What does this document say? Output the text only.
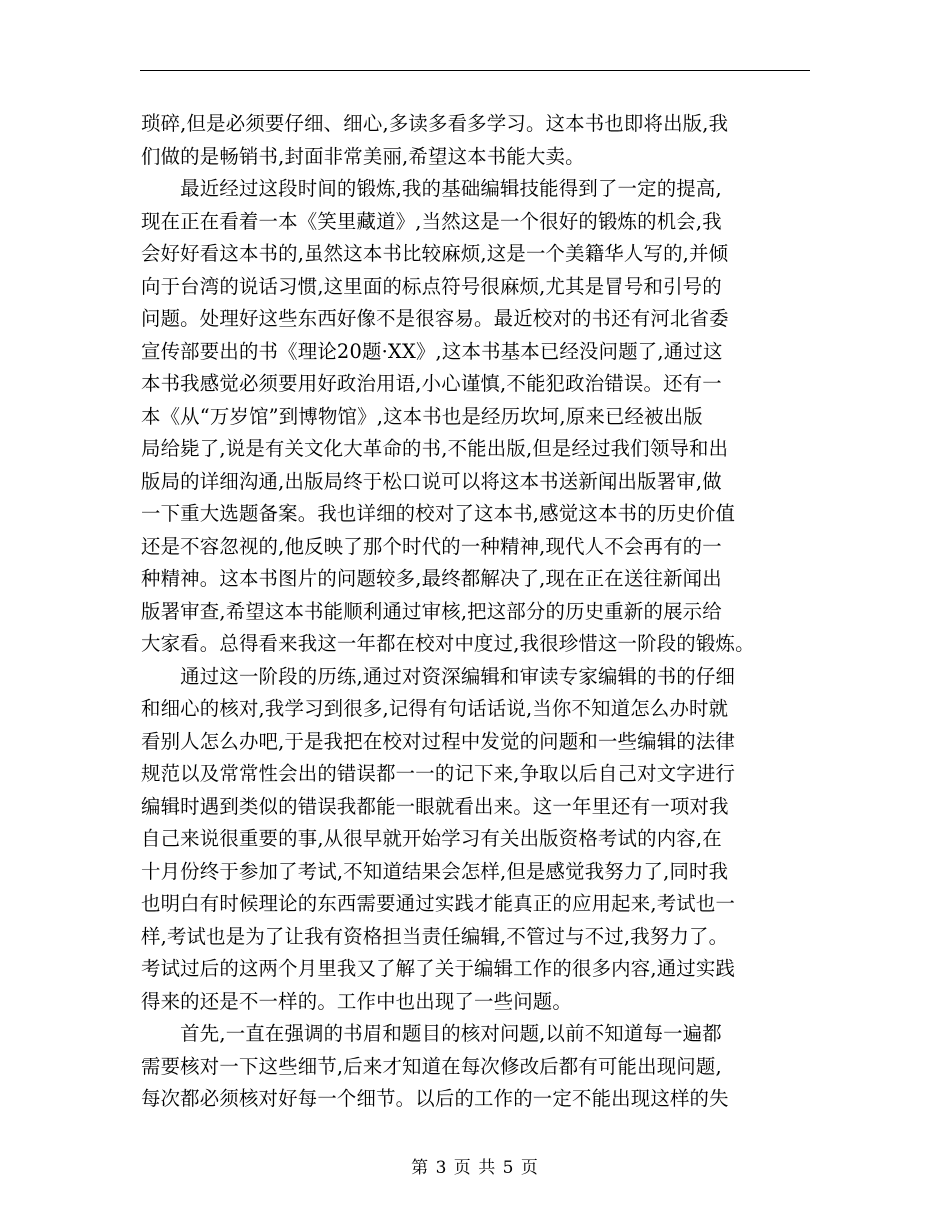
琐碎,但是必须要仔细、细心,多读多看多学习。这本书也即将出版,我
们做的是畅销书,封面非常美丽,希望这本书能大卖。
　　最近经过这段时间的锻炼,我的基础编辑技能得到了一定的提高,
现在正在看着一本《笑里藏道》,当然这是一个很好的锻炼的机会,我
会好好看这本书的,虽然这本书比较麻烦,这是一个美籍华人写的,并倾
向于台湾的说话习惯,这里面的标点符号很麻烦,尤其是冒号和引号的
问题。处理好这些东西好像不是很容易。最近校对的书还有河北省委
宣传部要出的书《理论20题·XX》,这本书基本已经没问题了,通过这
本书我感觉必须要用好政治用语,小心谨慎,不能犯政治错误。还有一
本《从“万岁馆”到博物馆》,这本书也是经历坎坷,原来已经被出版
局给毙了,说是有关文化大革命的书,不能出版,但是经过我们领导和出
版局的详细沟通,出版局终于松口说可以将这本书送新闻出版署审,做
一下重大选题备案。我也详细的校对了这本书,感觉这本书的历史价值
还是不容忽视的,他反映了那个时代的一种精神,现代人不会再有的一
种精神。这本书图片的问题较多,最终都解决了,现在正在送往新闻出
版署审查,希望这本书能顺利通过审核,把这部分的历史重新的展示给
大家看。总得看来我这一年都在校对中度过,我很珍惜这一阶段的锻炼。
　　通过这一阶段的历练,通过对资深编辑和审读专家编辑的书的仔细
和细心的核对,我学习到很多,记得有句话话说,当你不知道怎么办时就
看别人怎么办吧,于是我把在校对过程中发觉的问题和一些编辑的法律
规范以及常常性会出的错误都一一的记下来,争取以后自己对文字进行
编辑时遇到类似的错误我都能一眼就看出来。这一年里还有一项对我
自己来说很重要的事,从很早就开始学习有关出版资格考试的内容,在
十月份终于参加了考试,不知道结果会怎样,但是感觉我努力了,同时我
也明白有时候理论的东西需要通过实践才能真正的应用起来,考试也一
样,考试也是为了让我有资格担当责任编辑,不管过与不过,我努力了。
考试过后的这两个月里我又了解了关于编辑工作的很多内容,通过实践
得来的还是不一样的。工作中也出现了一些问题。
　　首先,一直在强调的书眉和题目的核对问题,以前不知道每一遍都
需要核对一下这些细节,后来才知道在每次修改后都有可能出现问题,
每次都必须核对好每一个细节。以后的工作的一定不能出现这样的失
第 3 页 共 5 页
